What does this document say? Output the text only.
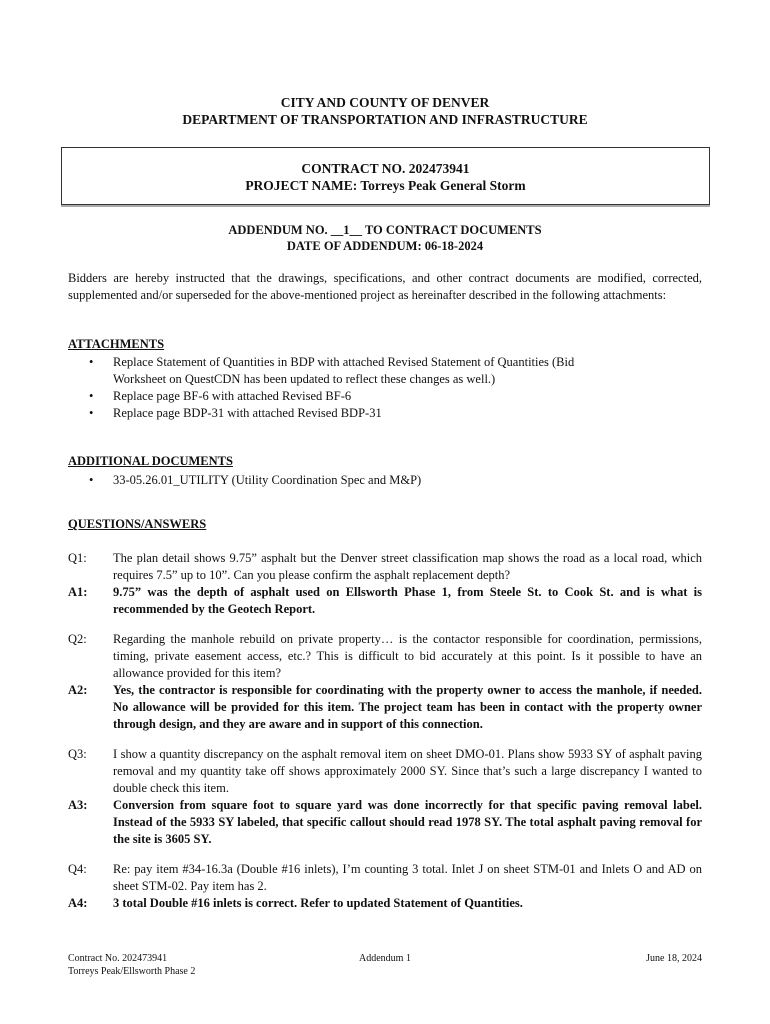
CITY AND COUNTY OF DENVER
DEPARTMENT OF TRANSPORTATION AND INFRASTRUCTURE
CONTRACT NO. 202473941
PROJECT NAME: Torreys Peak General Storm
ADDENDUM NO. __1__ TO CONTRACT DOCUMENTS
DATE OF ADDENDUM: 06-18-2024
Bidders are hereby instructed that the drawings, specifications, and other contract documents are modified, corrected, supplemented and/or superseded for the above-mentioned project as hereinafter described in the following attachments:
ATTACHMENTS
• Replace Statement of Quantities in BDP with attached Revised Statement of Quantities (Bid Worksheet on QuestCDN has been updated to reflect these changes as well.)
• Replace page BF-6 with attached Revised BF-6
• Replace page BDP-31 with attached Revised BDP-31
ADDITIONAL DOCUMENTS
• 33-05.26.01_UTILITY (Utility Coordination Spec and M&P)
QUESTIONS/ANSWERS
Q1:	The plan detail shows 9.75” asphalt but the Denver street classification map shows the road as a local road, which requires 7.5” up to 10”. Can you please confirm the asphalt replacement depth?
A1:	9.75” was the depth of asphalt used on Ellsworth Phase 1, from Steele St. to Cook St. and is what is recommended by the Geotech Report.
Q2:	Regarding the manhole rebuild on private property… is the contactor responsible for coordination, permissions, timing, private easement access, etc.? This is difficult to bid accurately at this point. Is it possible to have an allowance provided for this item?
A2:	Yes, the contractor is responsible for coordinating with the property owner to access the manhole, if needed. No allowance will be provided for this item. The project team has been in contact with the property owner through design, and they are aware and in support of this connection.
Q3:	I show a quantity discrepancy on the asphalt removal item on sheet DMO-01. Plans show 5933 SY of asphalt paving removal and my quantity take off shows approximately 2000 SY. Since that’s such a large discrepancy I wanted to double check this item.
A3:	Conversion from square foot to square yard was done incorrectly for that specific paving removal label. Instead of the 5933 SY labeled, that specific callout should read 1978 SY. The total asphalt paving removal for the site is 3605 SY.
Q4:	Re: pay item #34-16.3a (Double #16 inlets), I’m counting 3 total. Inlet J on sheet STM-01 and Inlets O and AD on sheet STM-02. Pay item has 2.
A4:	3 total Double #16 inlets is correct. Refer to updated Statement of Quantities.
Contract No. 202473941
Torreys Peak/Ellsworth Phase 2
Addendum 1	June 18, 2024
